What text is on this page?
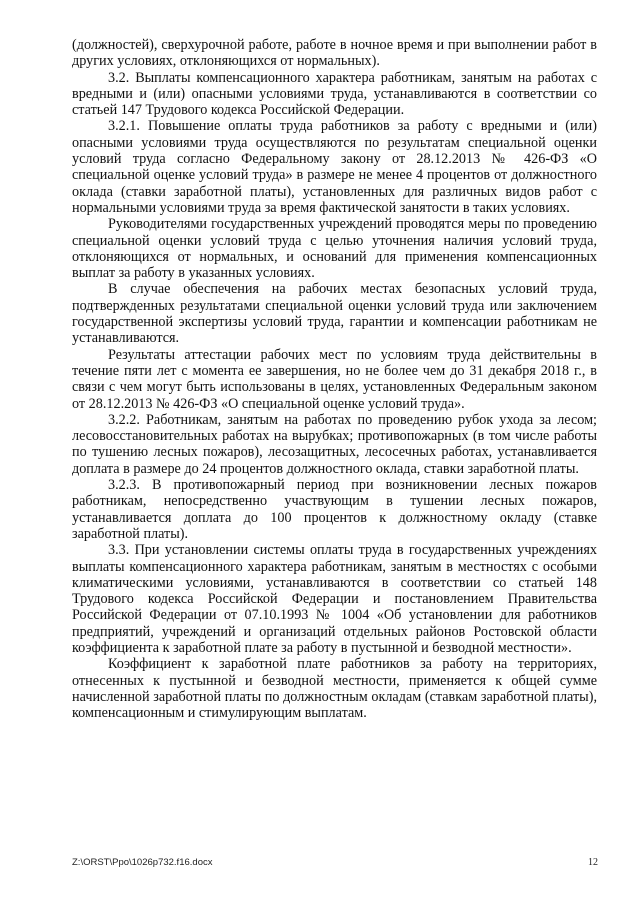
(должностей), сверхурочной работе, работе в ночное время и при выполнении работ в других условиях, отклоняющихся от нормальных).

3.2. Выплаты компенсационного характера работникам, занятым на работах с вредными и (или) опасными условиями труда, устанавливаются в соответствии со статьей 147 Трудового кодекса Российской Федерации.

3.2.1. Повышение оплаты труда работников за работу с вредными и (или) опасными условиями труда осуществляются по результатам специальной оценки условий труда согласно Федеральному закону от 28.12.2013 № 426-ФЗ «О специальной оценке условий труда» в размере не менее 4 процентов от должностного оклада (ставки заработной платы), установленных для различных видов работ с нормальными условиями труда за время фактической занятости в таких условиях.

Руководителями государственных учреждений проводятся меры по проведению специальной оценки условий труда с целью уточнения наличия условий труда, отклоняющихся от нормальных, и оснований для применения компенсационных выплат за работу в указанных условиях.

В случае обеспечения на рабочих местах безопасных условий труда, подтвержденных результатами специальной оценки условий труда или заключением государственной экспертизы условий труда, гарантии и компенсации работникам не устанавливаются.

Результаты аттестации рабочих мест по условиям труда действительны в течение пяти лет с момента ее завершения, но не более чем до 31 декабря 2018 г., в связи с чем могут быть использованы в целях, установленных Федеральным законом от 28.12.2013 № 426-ФЗ «О специальной оценке условий труда».

3.2.2. Работникам, занятым на работах по проведению рубок ухода за лесом; лесовосстановительных работах на вырубках; противопожарных (в том числе работы по тушению лесных пожаров), лесозащитных, лесосечных работах, устанавливается доплата в размере до 24 процентов должностного оклада, ставки заработной платы.

3.2.3. В противопожарный период при возникновении лесных пожаров работникам, непосредственно участвующим в тушении лесных пожаров, устанавливается доплата до 100 процентов к должностному окладу (ставке заработной платы).

3.3. При установлении системы оплаты труда в государственных учреждениях выплаты компенсационного характера работникам, занятым в местностях с особыми климатическими условиями, устанавливаются в соответствии со статьей 148 Трудового кодекса Российской Федерации и постановлением Правительства Российской Федерации от 07.10.1993 № 1004 «Об установлении для работников предприятий, учреждений и организаций отдельных районов Ростовской области коэффициента к заработной плате за работу в пустынной и безводной местности».

Коэффициент к заработной плате работников за работу на территориях, отнесенных к пустынной и безводной местности, применяется к общей сумме начисленной заработной платы по должностным окладам (ставкам заработной платы), компенсационным и стимулирующим выплатам.

Z:\ORST\Ppo\1026p732.f16.docx	12
